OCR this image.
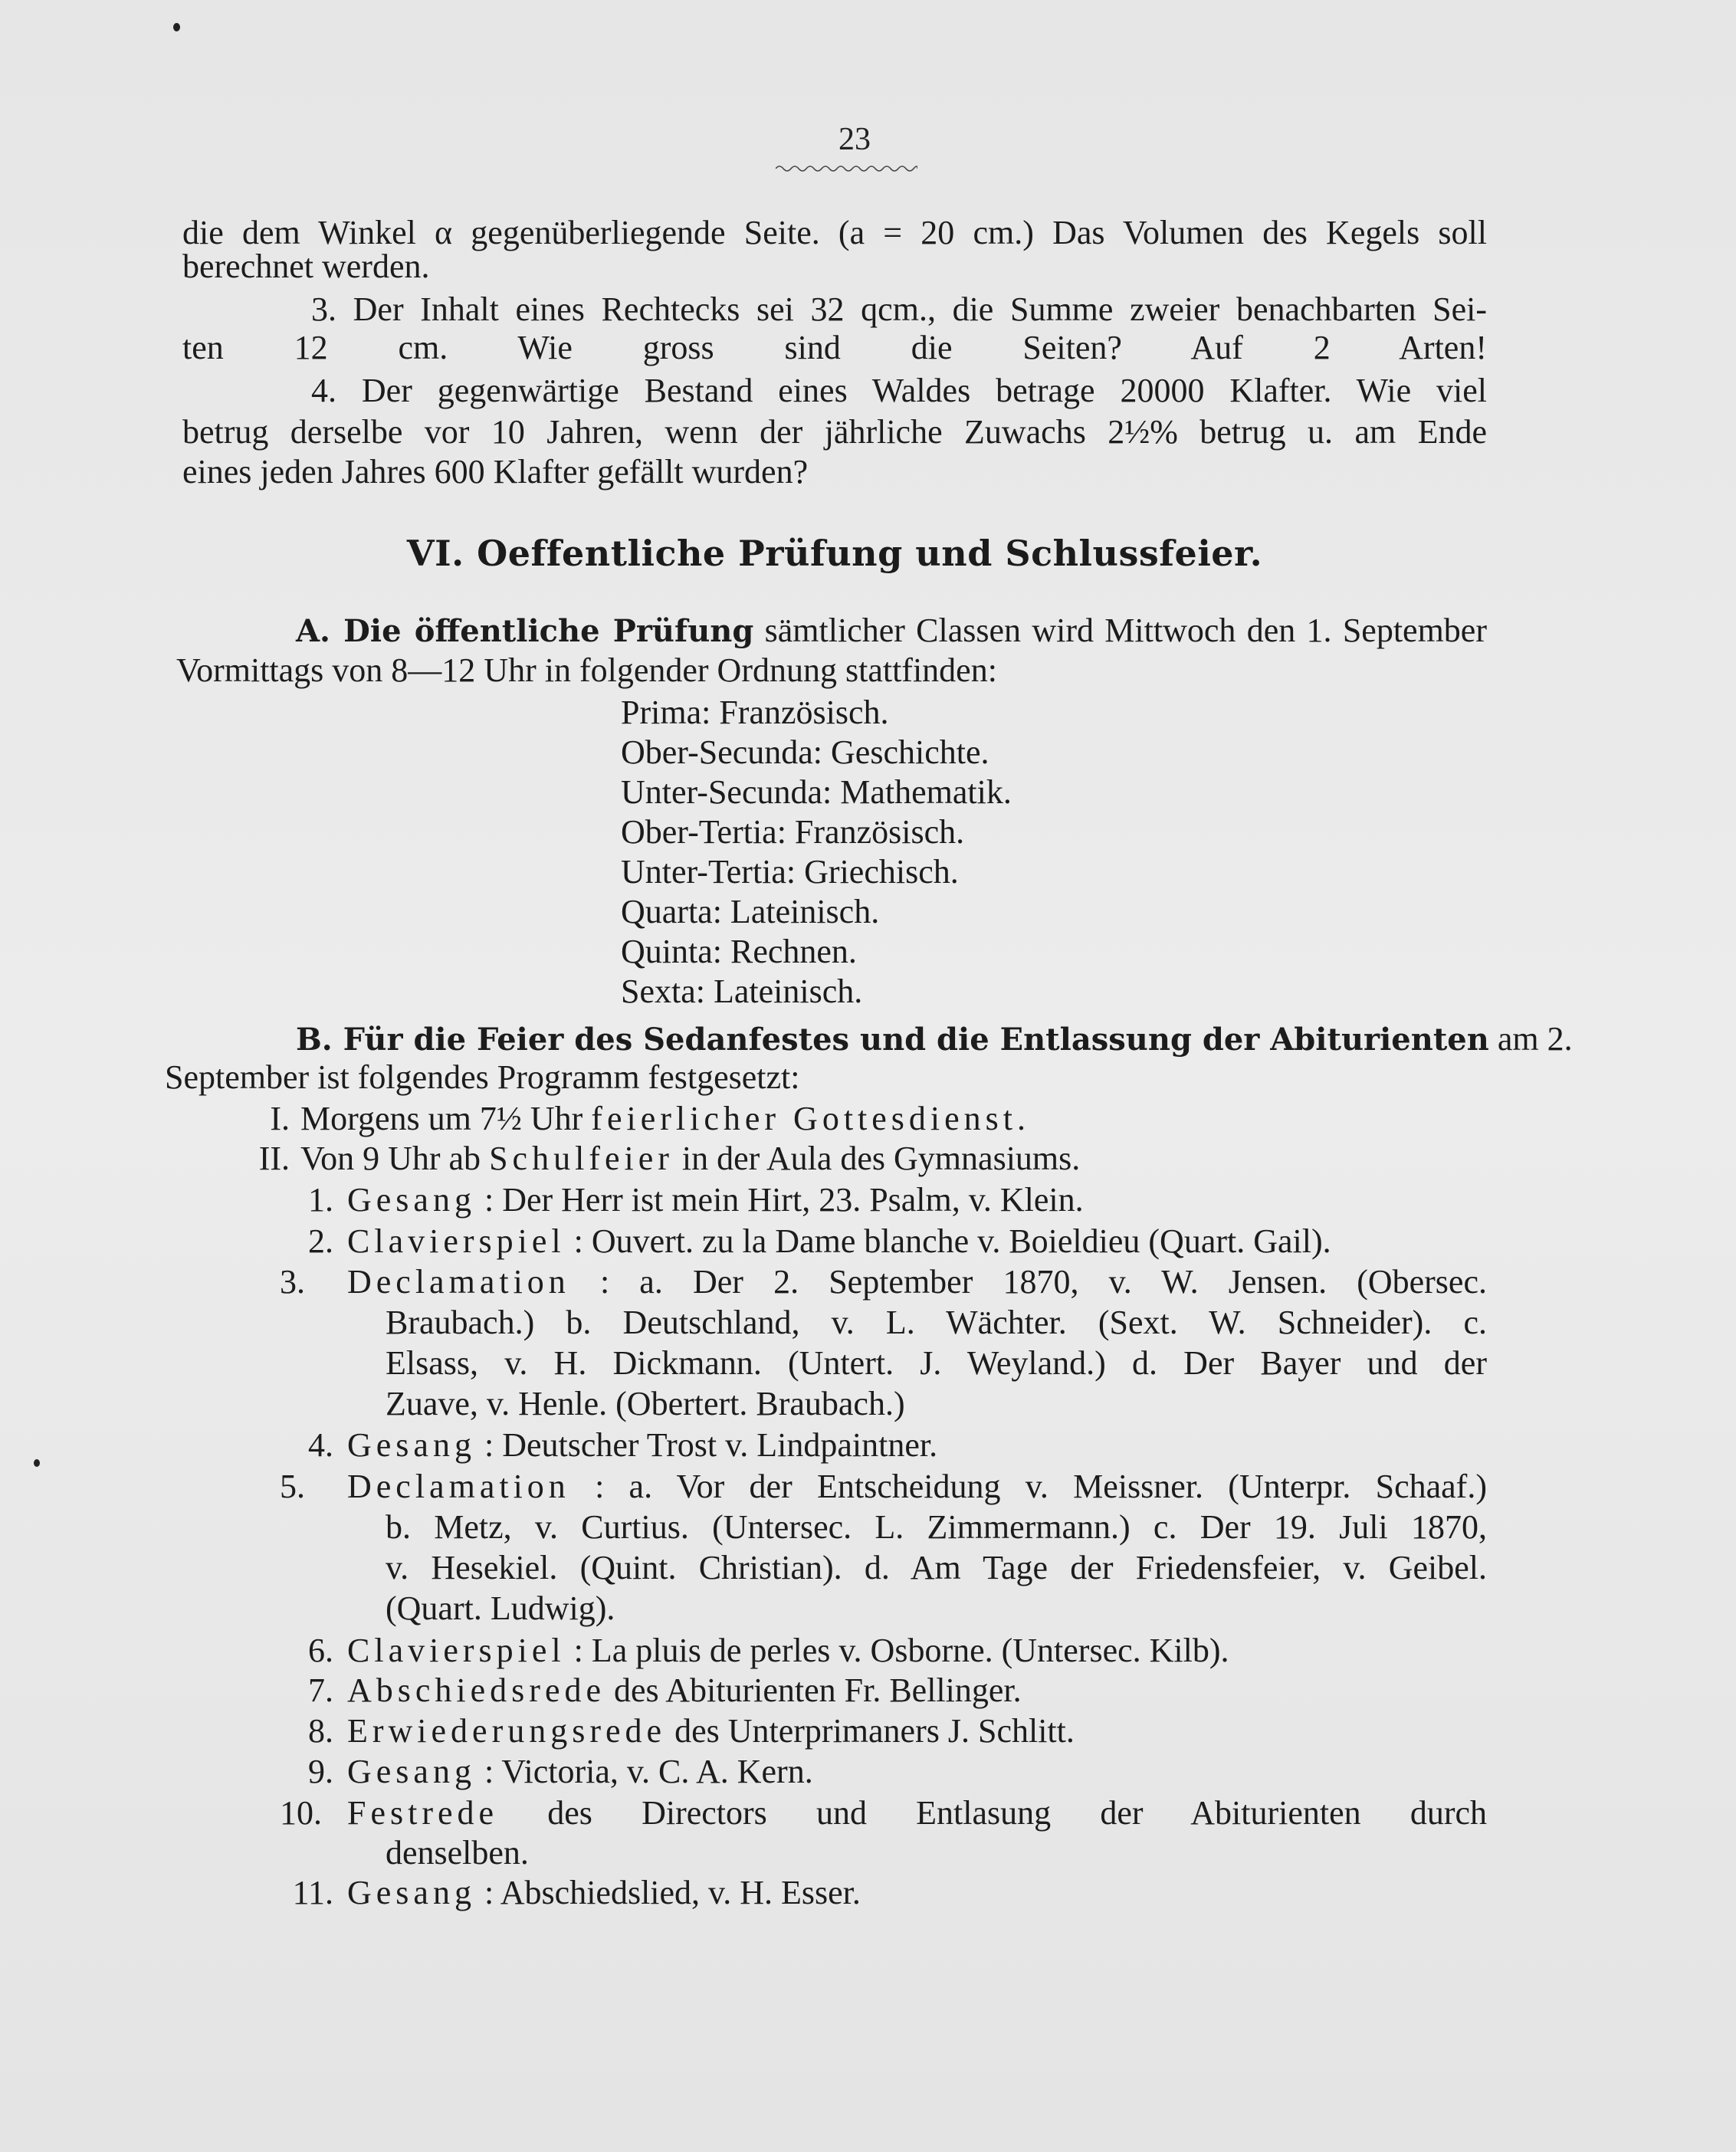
23
die dem Winkel α gegenüberliegende Seite. (a = 20 cm.) Das Volumen des Kegels soll
berechnet werden.
3. Der Inhalt eines Rechtecks sei 32 qcm., die Summe zweier benachbarten Sei-
ten 12 cm. Wie gross sind die Seiten? Auf 2 Arten!
4. Der gegenwärtige Bestand eines Waldes betrage 20000 Klafter. Wie viel
betrug derselbe vor 10 Jahren, wenn der jährliche Zuwachs 2½% betrug u. am Ende
eines jeden Jahres 600 Klafter gefällt wurden?
VI. Oeffentliche Prüfung und Schlussfeier.
A. Die öffentliche Prüfung sämtlicher Classen wird Mittwoch den 1. September
Vormittags von 8—12 Uhr in folgender Ordnung stattfinden:
Prima: Französisch.
Ober-Secunda: Geschichte.
Unter-Secunda: Mathematik.
Ober-Tertia: Französisch.
Unter-Tertia: Griechisch.
Quarta: Lateinisch.
Quinta: Rechnen.
Sexta: Lateinisch.
B. Für die Feier des Sedanfestes und die Entlassung der Abiturienten am 2.
September ist folgendes Programm festgesetzt:
I. Morgens um 7½ Uhr feierlicher Gottesdienst.
II. Von 9 Uhr ab Schulfeier in der Aula des Gymnasiums.
1. Gesang : Der Herr ist mein Hirt, 23. Psalm, v. Klein.
2. Clavierspiel : Ouvert. zu la Dame blanche v. Boieldieu (Quart. Gail).
3. Declamation : a. Der 2. September 1870, v. W. Jensen. (Obersec.
Braubach.) b. Deutschland, v. L. Wächter. (Sext. W. Schneider). c.
Elsass, v. H. Dickmann. (Untert. J. Weyland.) d. Der Bayer und der
Zuave, v. Henle. (Obertert. Braubach.)
4. Gesang : Deutscher Trost v. Lindpaintner.
5. Declamation : a. Vor der Entscheidung v. Meissner. (Unterpr. Schaaf.)
b. Metz, v. Curtius. (Untersec. L. Zimmermann.) c. Der 19. Juli 1870,
v. Hesekiel. (Quint. Christian). d. Am Tage der Friedensfeier, v. Geibel.
(Quart. Ludwig).
6. Clavierspiel : La pluis de perles v. Osborne. (Untersec. Kilb).
7. Abschiedsrede des Abiturienten Fr. Bellinger.
8. Erwiederungsrede des Unterprimaners J. Schlitt.
9. Gesang : Victoria, v. C. A. Kern.
10. Festrede des Directors und Entlasung der Abiturienten durch
denselben.
11. Gesang : Abschiedslied, v. H. Esser.
